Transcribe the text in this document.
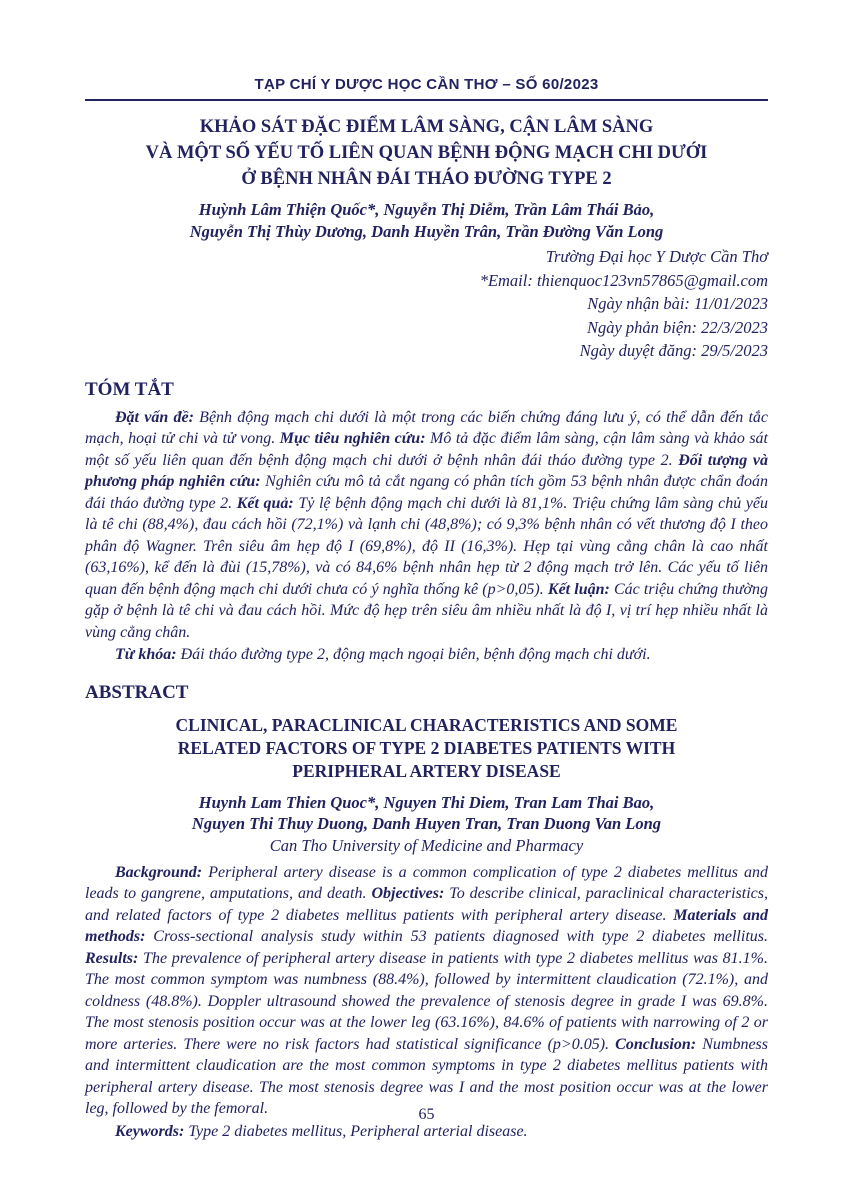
TẠP CHÍ Y DƯỢC HỌC CẦN THƠ – SỐ 60/2023
KHẢO SÁT ĐẶC ĐIỂM LÂM SÀNG, CẬN LÂM SÀNG
VÀ MỘT SỐ YẾU TỐ LIÊN QUAN BỆNH ĐỘNG MẠCH CHI DƯỚI
Ở BỆNH NHÂN ĐÁI THÁO ĐƯỜNG TYPE 2
Huỳnh Lâm Thiện Quốc*, Nguyễn Thị Diễm, Trần Lâm Thái Bảo,
Nguyễn Thị Thùy Dương, Danh Huyền Trân, Trần Đường Văn Long
Trường Đại học Y Dược Cần Thơ
*Email: thienquoc123vn57865@gmail.com
Ngày nhận bài: 11/01/2023
Ngày phản biện: 22/3/2023
Ngày duyệt đăng: 29/5/2023
TÓM TẮT

Đặt vấn đề: Bệnh động mạch chi dưới là một trong các biến chứng đáng lưu ý, có thể dẫn đến tắc mạch, hoại tử chi và tử vong. Mục tiêu nghiên cứu: Mô tả đặc điểm lâm sàng, cận lâm sàng và khảo sát một số yếu liên quan đến bệnh động mạch chi dưới ở bệnh nhân đái tháo đường type 2. Đối tượng và phương pháp nghiên cứu: Nghiên cứu mô tả cắt ngang có phân tích gồm 53 bệnh nhân được chẩn đoán đái tháo đường type 2. Kết quả: Tỷ lệ bệnh động mạch chi dưới là 81,1%. Triệu chứng lâm sàng chủ yếu là tê chi (88,4%), đau cách hồi (72,1%) và lạnh chi (48,8%); có 9,3% bệnh nhân có vết thương độ I theo phân độ Wagner. Trên siêu âm hẹp độ I (69,8%), độ II (16,3%). Hẹp tại vùng cẳng chân là cao nhất (63,16%), kể đến là đùi (15,78%), và có 84,6% bệnh nhân hẹp từ 2 động mạch trở lên. Các yếu tố liên quan đến bệnh động mạch chi dưới chưa có ý nghĩa thống kê (p>0,05). Kết luận: Các triệu chứng thường gặp ở bệnh là tê chi và đau cách hồi. Mức độ hẹp trên siêu âm nhiều nhất là độ I, vị trí hẹp nhiều nhất là vùng cẳng chân.

Từ khóa: Đái tháo đường type 2, động mạch ngoại biên, bệnh động mạch chi dưới.

ABSTRACT
CLINICAL, PARACLINICAL CHARACTERISTICS AND SOME
RELATED FACTORS OF TYPE 2 DIABETES PATIENTS WITH
PERIPHERAL ARTERY DISEASE
Huynh Lam Thien Quoc*, Nguyen Thi Diem, Tran Lam Thai Bao,
Nguyen Thi Thuy Duong, Danh Huyen Tran, Tran Duong Van Long
Can Tho University of Medicine and Pharmacy

Background: Peripheral artery disease is a common complication of type 2 diabetes mellitus and leads to gangrene, amputations, and death. Objectives: To describe clinical, paraclinical characteristics, and related factors of type 2 diabetes mellitus patients with peripheral artery disease. Materials and methods: Cross-sectional analysis study within 53 patients diagnosed with type 2 diabetes mellitus. Results: The prevalence of peripheral artery disease in patients with type 2 diabetes mellitus was 81.1%. The most common symptom was numbness (88.4%), followed by intermittent claudication (72.1%), and coldness (48.8%). Doppler ultrasound showed the prevalence of stenosis degree in grade I was 69.8%. The most stenosis position occur was at the lower leg (63.16%), 84.6% of patients with narrowing of 2 or more arteries. There were no risk factors had statistical significance (p>0.05). Conclusion: Numbness and intermittent claudication are the most common symptoms in type 2 diabetes mellitus patients with peripheral artery disease. The most stenosis degree was I and the most position occur was at the lower leg, followed by the femoral.

Keywords: Type 2 diabetes mellitus, Peripheral arterial disease.

65
